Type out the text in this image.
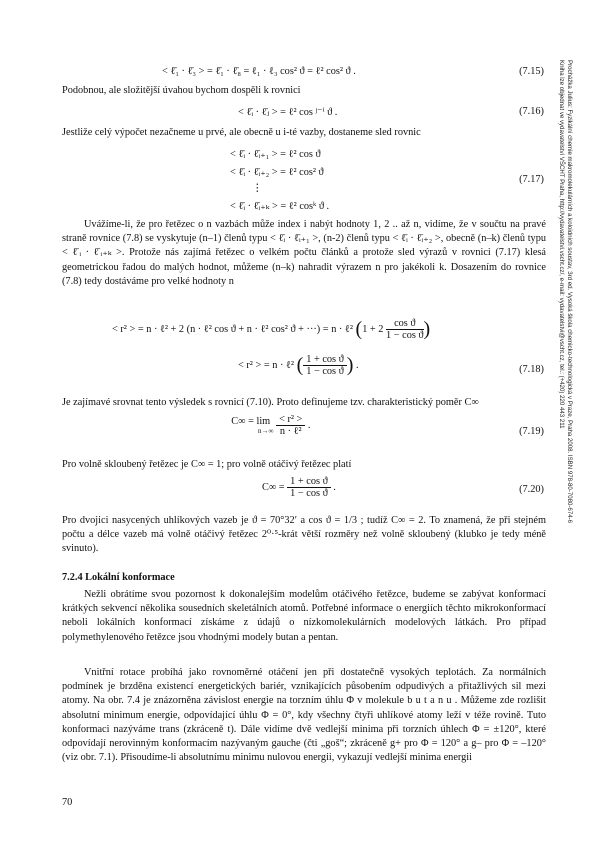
< ℓ̄₁ · ℓ̄₃ > = ℓ̄₁ · ℓ̄₈ = ℓ₁ · ℓ₃ cos² ϑ = ℓ² cos² ϑ .	(7.15)
Podobnou, ale složitější úvahou bychom dospěli k rovnici
< ℓ̄ᵢ · ℓ̄ⱼ > = ℓ² cos ʲ⁻ⁱ ϑ .	(7.16)
Jestliže celý výpočet nezačneme u prvé, ale obecně u i-té vazby, dostaneme sled rovnic
< ℓ̄ᵢ · ℓ̄ᵢ₊₁ > = ℓ² cos ϑ
< ℓ̄ᵢ · ℓ̄ᵢ₊₂ > = ℓ² cos² ϑ
⋮
< ℓ̄ᵢ · ℓ̄ᵢ₊ₖ > = ℓ² cosᵏ ϑ .
(7.17)
Uvážíme-li, že pro řetězec o n vazbách může index i nabýt hodnoty 1, 2 .. až n, vidíme, že v součtu na pravé straně rovnice (7.8) se vyskytuje (n–1) členů typu < ℓ̄ᵢ · ℓ̄ᵢ₊₁ >, (n-2) členů typu < ℓ̄ᵢ · ℓ̄ᵢ₊₂ >, obecně (n–k) členů typu < ℓ̄ᵢ · ℓ̄ᵢ₊ₖ >. Protože nás zajímá řetězec o velkém počtu článků a protože sled výrazů v rovnici (7.17) klesá geometrickou řadou do malých hodnot, můžeme (n–k) nahradit výrazem n pro jakékoli k. Dosazením do rovnice (7.8) tedy dostáváme pro velké hodnoty n
< r² > = n · ℓ² + 2 (n · ℓ² cos ϑ + n · ℓ² cos² ϑ + ···) = n · ℓ² ($1 + 2 \frac{\text{cos ϑ}}{\text{1 − cos ϑ}}$ )
< r² > = n · ℓ² ( $\frac{\text{1 + cos ϑ}}{\text{1 − cos ϑ}}$ ) .	(7.18)
Je zajímavé srovnat tento výsledek s rovnicí (7.10). Proto definujeme tzv. charakteristický poměr C∞
C∞ = lim
n→∞
$\frac{\text{< r² >}}{\text{n · ℓ²}}$ .
(7.19)
Pro volně skloubený řetězec je C∞ = 1; pro volně otáčivý řetězec platí
$C\infty = \frac{\text{1 + cos ϑ}}{\text{1 − cos ϑ}}$ .	(7.20)
Pro dvojici nasycených uhlíkových vazeb je ϑ = 70°32′ a cos ϑ = 1/3 ; tudíž C∞ = 2. To znamená, že při stejném počtu a délce vazeb má volně otáčivý řetězec 2⁰·⁵-krát větší rozměry než volně skloubený (klubko je tedy méně svinuto).
7.2.4 Lokální konformace
Nežli obrátíme svou pozornost k dokonalejším modelům otáčivého řetězce, budeme se zabývat konformací krátkých sekvencí několika sousedních skeletálních atomů. Potřebné informace o energiích těchto mikrokonformací neboli lokálních konformací získáme z údajů o nízkomolekulárních modelových látkách. Pro případ polymethylenového řetězce jsou vhodnými modely butan a pentan.
Vnitřní rotace probíhá jako rovnoměrné otáčení jen při dostatečně vysokých teplotách. Za normálních podmínek je brzděna existencí energetických bariér, vznikajících působením odpudivých a přitažlivých sil mezi atomy. Na obr. 7.4 je znázorněna závislost energie na torzním úhlu Φ v molekule b u t a n u . Můžeme zde rozlišit absolutní minimum energie, odpovídající úhlu Φ = 0°, kdy všechny čtyři uhlíkové atomy leží v téže rovině. Tuto konformaci nazýváme trans (zkráceně t). Dále vidíme dvě vedlejší minima při torzních úhlech Φ = ±120°, které odpovídají nerovinným konformacím nazývaným gauche (čti „goš“; zkráceně g+ pro Φ = 120° a g– pro Φ = –120° (viz obr. 7.1). Přisoudíme-li absolutnímu minimu nulovou energii, vykazují vedlejší minima energii
70
Prochážka Julius: Fyzikální chemie makromolekulárních a koloidních soustav, 3rd ed. Vysoká škola chemicko-technologická v Praze, Praha 2008. ISBN 978-80-7080-674-6
Kniha lze objednat ve vydavatelství VŠCHT Praha, http://vydavatelstvi.vscht.cz/, e-mail: vydavatelstvi@vscht.cz, tel.: (+420) 220 443 211
